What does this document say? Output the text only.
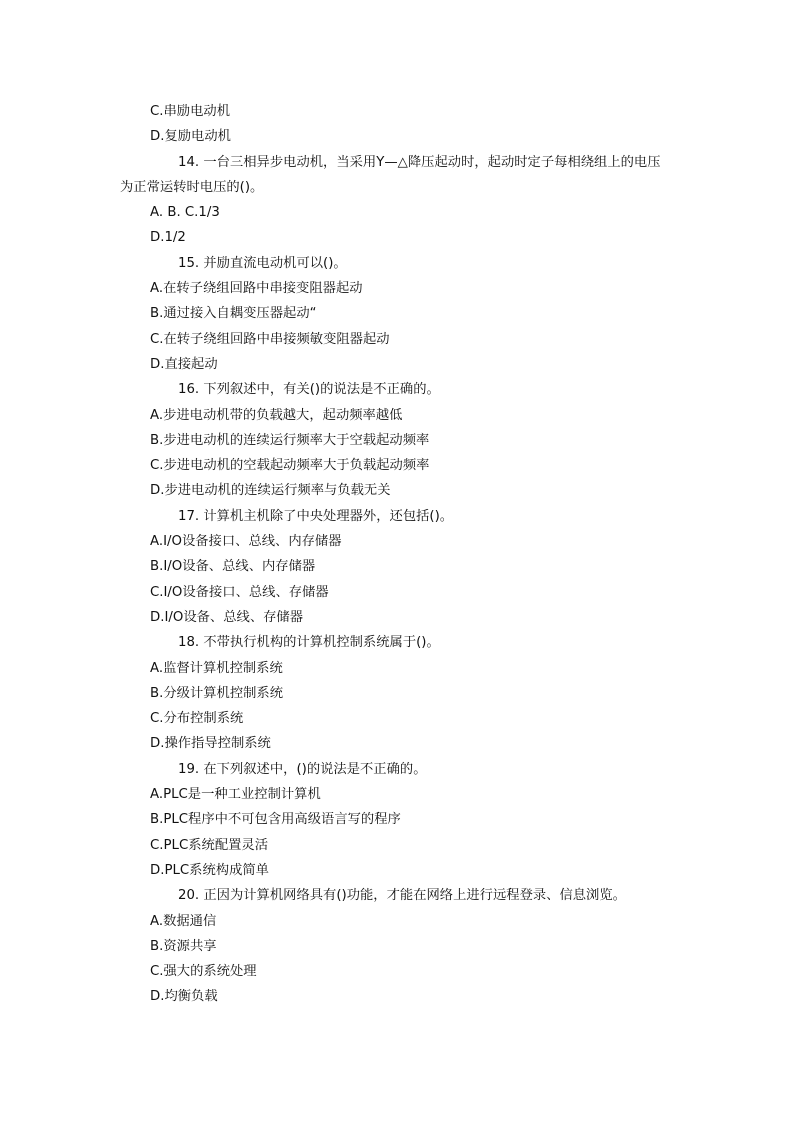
C.串励电动机
D.复励电动机
14. 一台三相异步电动机，当采用Y—△降压起动时，起动时定子每相绕组上的电压
为正常运转时电压的()。
A. B. C.1/3
D.1/2
15. 并励直流电动机可以()。
A.在转子绕组回路中串接变阻器起动
B.通过接入自耦变压器起动“
C.在转子绕组回路中串接频敏变阻器起动
D.直接起动
16. 下列叙述中，有关()的说法是不正确的。
A.步进电动机带的负载越大，起动频率越低
B.步进电动机的连续运行频率大于空载起动频率
C.步进电动机的空载起动频率大于负载起动频率
D.步进电动机的连续运行频率与负载无关
17. 计算机主机除了中央处理器外，还包括()。
A.I/O设备接口、总线、内存储器
B.I/O设备、总线、内存储器
C.I/O设备接口、总线、存储器
D.I/O设备、总线、存储器
18. 不带执行机构的计算机控制系统属于()。
A.监督计算机控制系统
B.分级计算机控制系统
C.分布控制系统
D.操作指导控制系统
19. 在下列叙述中，()的说法是不正确的。
A.PLC是一种工业控制计算机
B.PLC程序中不可包含用高级语言写的程序
C.PLC系统配置灵活
D.PLC系统构成简单
20. 正因为计算机网络具有()功能，才能在网络上进行远程登录、信息浏览。
A.数据通信
B.资源共享
C.强大的系统处理
D.均衡负载
